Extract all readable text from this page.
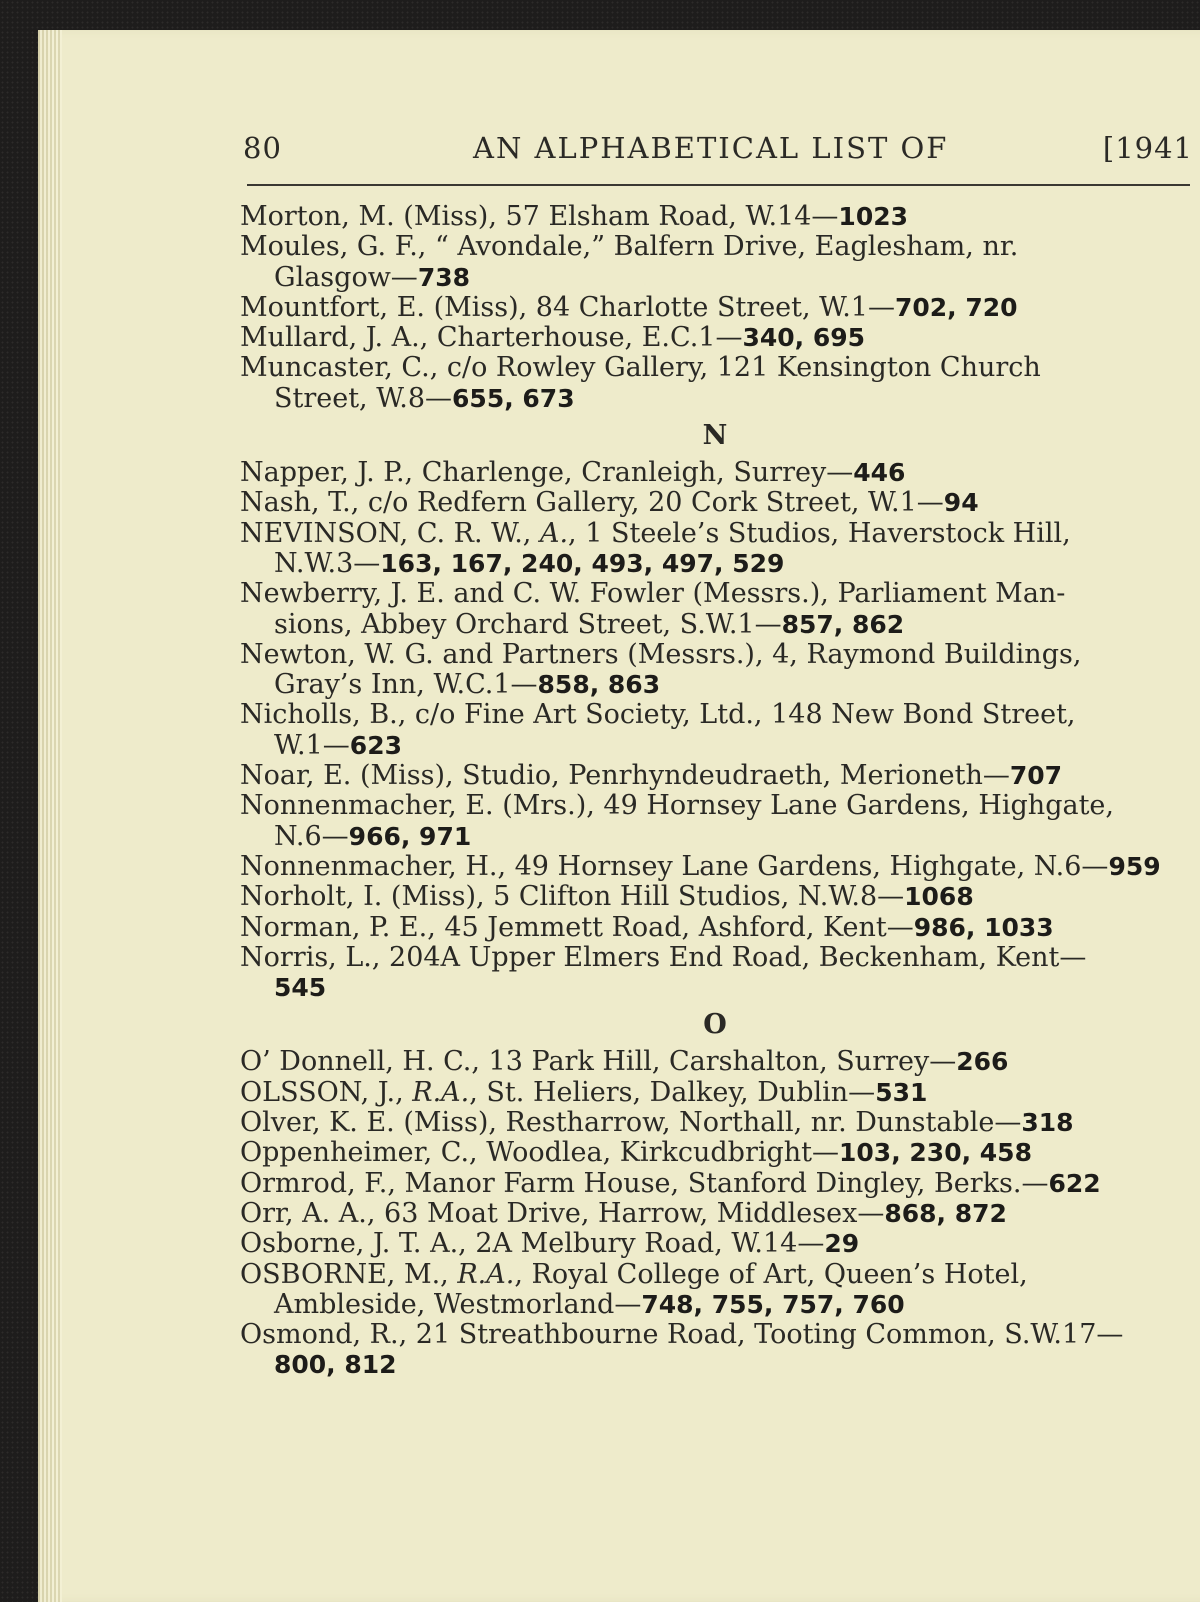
80	AN ALPHABETICAL LIST OF	[1941
Morton, M. (Miss), 57 Elsham Road, W.14—1023
Moules, G. F., “ Avondale,” Balfern Drive, Eaglesham, nr.
Glasgow—738
Mountfort, E. (Miss), 84 Charlotte Street, W.1—702, 720
Mullard, J. A., Charterhouse, E.C.1—340, 695
Muncaster, C., c/o Rowley Gallery, 121 Kensington Church
Street, W.8—655, 673
N
Napper, J. P., Charlenge, Cranleigh, Surrey—446
Nash, T., c/o Redfern Gallery, 20 Cork Street, W.1—94
NEVINSON, C. R. W., A., 1 Steele’s Studios, Haverstock Hill,
N.W.3—163, 167, 240, 493, 497, 529
Newberry, J. E. and C. W. Fowler (Messrs.), Parliament Man-
sions, Abbey Orchard Street, S.W.1—857, 862
Newton, W. G. and Partners (Messrs.), 4, Raymond Buildings,
Gray’s Inn, W.C.1—858, 863
Nicholls, B., c/o Fine Art Society, Ltd., 148 New Bond Street,
W.1—623
Noar, E. (Miss), Studio, Penrhyndeudraeth, Merioneth—707
Nonnenmacher, E. (Mrs.), 49 Hornsey Lane Gardens, Highgate,
N.6—966, 971
Nonnenmacher, H., 49 Hornsey Lane Gardens, Highgate, N.6—959
Norholt, I. (Miss), 5 Clifton Hill Studios, N.W.8—1068
Norman, P. E., 45 Jemmett Road, Ashford, Kent—986, 1033
Norris, L., 204A Upper Elmers End Road, Beckenham, Kent—
545
O
O’ Donnell, H. C., 13 Park Hill, Carshalton, Surrey—266
OLSSON, J., R.A., St. Heliers, Dalkey, Dublin—531
Olver, K. E. (Miss), Restharrow, Northall, nr. Dunstable—318
Oppenheimer, C., Woodlea, Kirkcudbright—103, 230, 458
Ormrod, F., Manor Farm House, Stanford Dingley, Berks.—622
Orr, A. A., 63 Moat Drive, Harrow, Middlesex—868, 872
Osborne, J. T. A., 2A Melbury Road, W.14—29
OSBORNE, M., R.A., Royal College of Art, Queen’s Hotel,
Ambleside, Westmorland—748, 755, 757, 760
Osmond, R., 21 Streathbourne Road, Tooting Common, S.W.17—
800, 812
